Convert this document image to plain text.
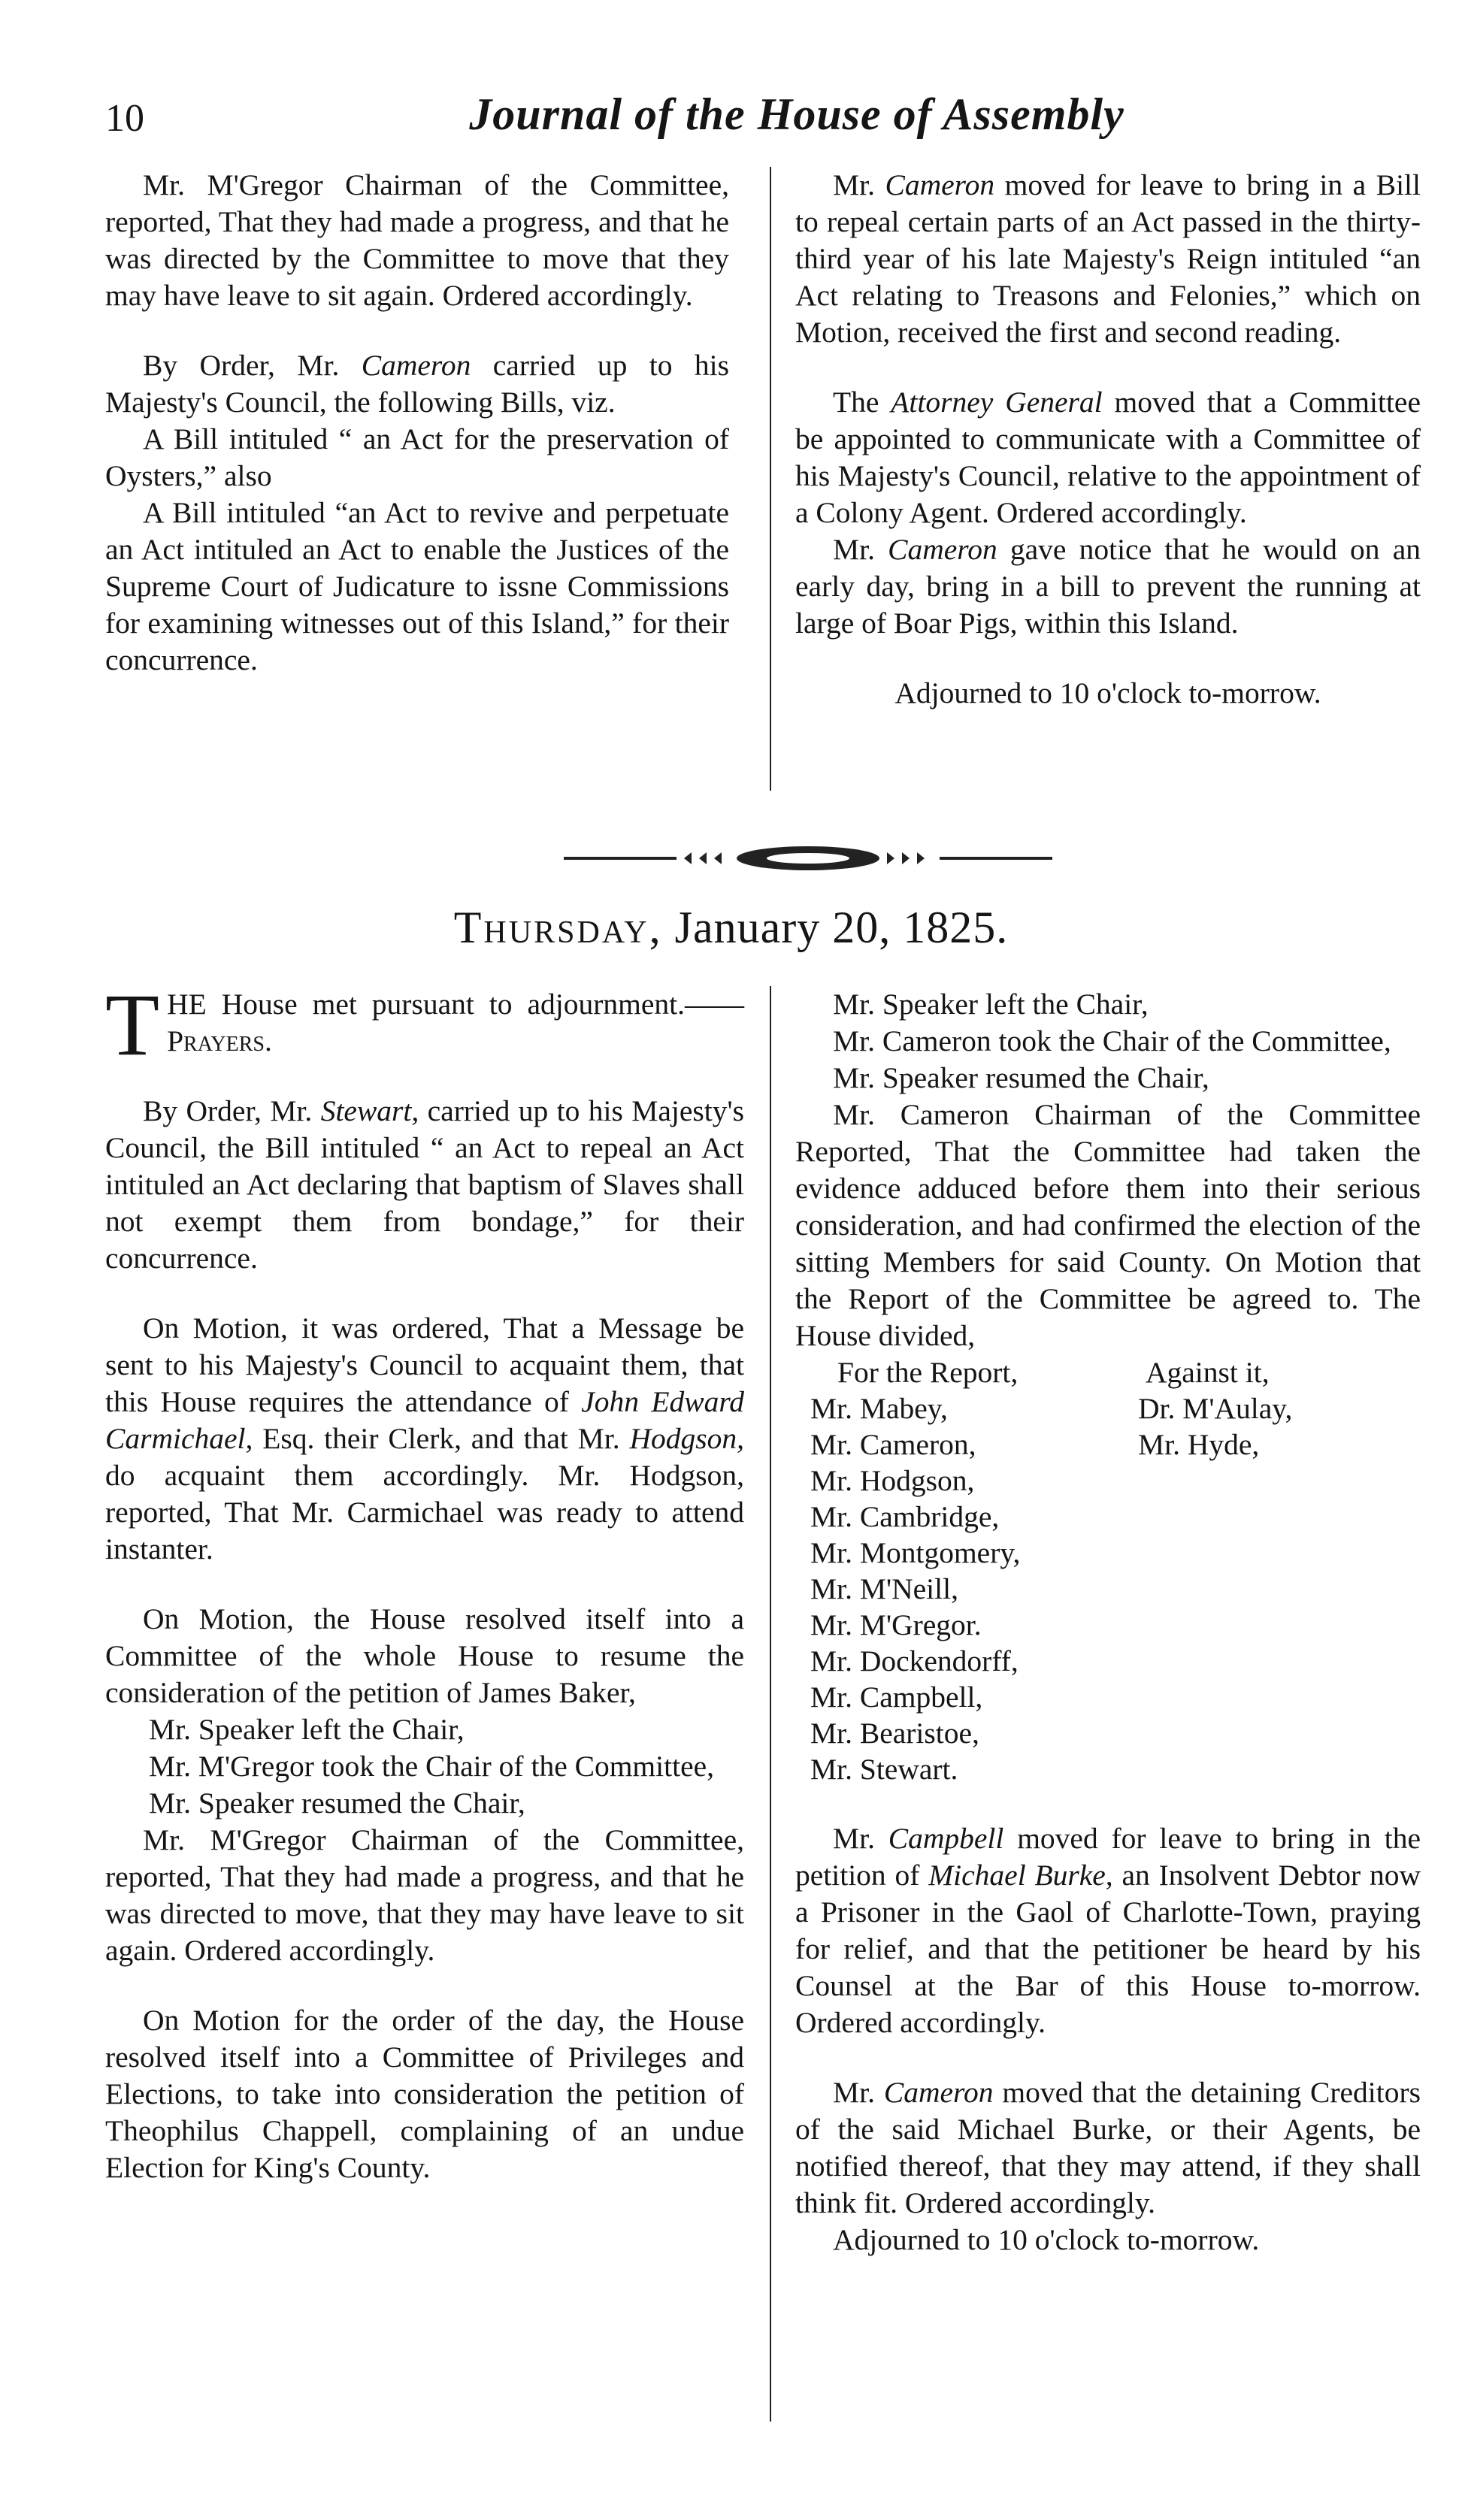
10	Journal of the House of Assembly

Mr. M'Gregor Chairman of the Committee, reported, That they had made a progress, and that he was directed by the Committee to move that they may have leave to sit again. Ordered accordingly.

By Order, Mr. Cameron carried up to his Majesty's Council, the following Bills, viz.

A Bill intituled “ an Act for the preservation of Oysters,” also

A Bill intituled “an Act to revive and perpetuate an Act intituled an Act to enable the Justices of the Supreme Court of Judicature to issne Commissions for examining witnesses out of this Island,” for their concurrence.

Mr. Cameron moved for leave to bring in a Bill to repeal certain parts of an Act passed in the thirty-third year of his late Majesty's Reign intituled “an Act relating to Treasons and Felonies,” which on Motion, received the first and second reading.

The Attorney General moved that a Committee be appointed to communicate with a Committee of his Majesty's Council, relative to the appointment of a Colony Agent. Ordered accordingly.

Mr. Cameron gave notice that he would on an early day, bring in a bill to prevent the running at large of Boar Pigs, within this Island.

Adjourned to 10 o'clock to-morrow.

Thursday, January 20, 1825.

THE House met pursuant to adjournment.——Prayers.

By Order, Mr. Stewart, carried up to his Majesty's Council, the Bill intituled “ an Act to repeal an Act intituled an Act declaring that baptism of Slaves shall not exempt them from bondage,” for their concurrence.

On Motion, it was ordered, That a Message be sent to his Majesty's Council to acquaint them, that this House requires the attendance of John Edward Carmichael, Esq. their Clerk, and that Mr. Hodgson, do acquaint them accordingly. Mr. Hodgson, reported, That Mr. Carmichael was ready to attend instanter.

On Motion, the House resolved itself into a Committee of the whole House to resume the consideration of the petition of James Baker,

Mr. Speaker left the Chair,

Mr. M'Gregor took the Chair of the Committee,

Mr. Speaker resumed the Chair,

Mr. M'Gregor Chairman of the Committee, reported, That they had made a progress, and that he was directed to move, that they may have leave to sit again. Ordered accordingly.

On Motion for the order of the day, the House resolved itself into a Committee of Privileges and Elections, to take into consideration the petition of Theophilus Chappell, complaining of an undue Election for King's County.

Mr. Speaker left the Chair,

Mr. Cameron took the Chair of the Committee,

Mr. Speaker resumed the Chair,

Mr. Cameron Chairman of the Committee Reported, That the Committee had taken the evidence adduced before them into their serious consideration, and had confirmed the election of the sitting Members for said County. On Motion that the Report of the Committee be agreed to. The House divided,

For the Report,	Against it,
Mr. Mabey,	Dr. M'Aulay,
Mr. Cameron,	Mr. Hyde,
Mr. Hodgson,	
Mr. Cambridge,	
Mr. Montgomery,	
Mr. M'Neill,	
Mr. M'Gregor.	
Mr. Dockendorff,	
Mr. Campbell,	
Mr. Bearistoe,	
Mr. Stewart.	

Mr. Campbell moved for leave to bring in the petition of Michael Burke, an Insolvent Debtor now a Prisoner in the Gaol of Charlotte-Town, praying for relief, and that the petitioner be heard by his Counsel at the Bar of this House to-morrow. Ordered accordingly.

Mr. Cameron moved that the detaining Creditors of the said Michael Burke, or their Agents, be notified thereof, that they may attend, if they shall think fit. Ordered accordingly.

Adjourned to 10 o'clock to-morrow.
